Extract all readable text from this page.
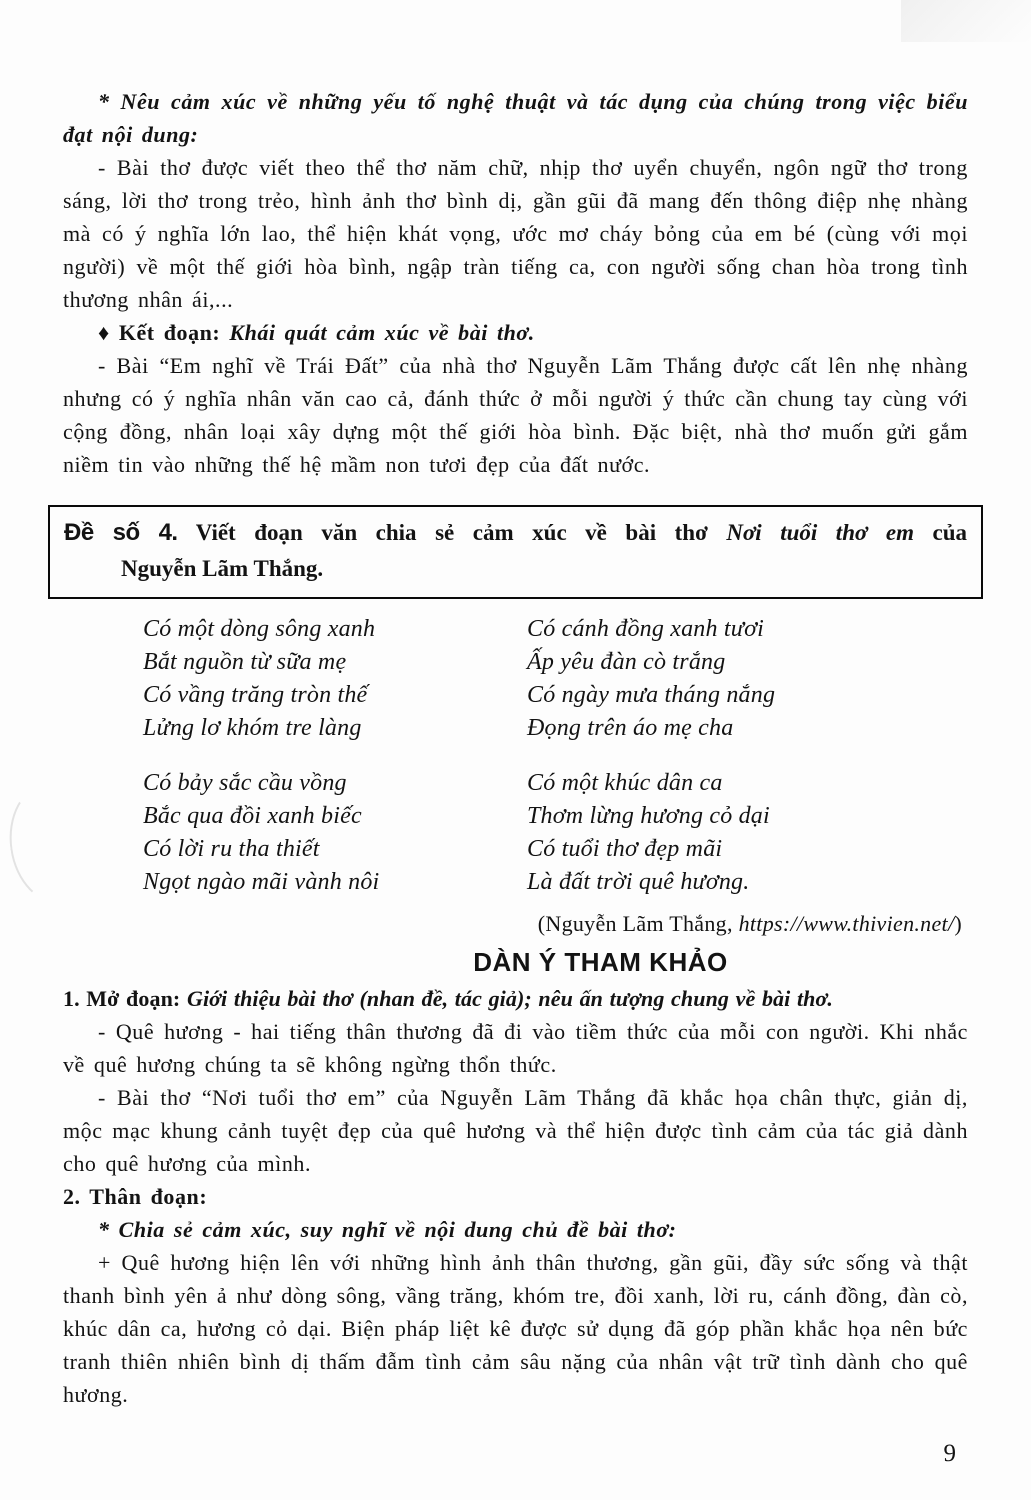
* Nêu cảm xúc về những yếu tố nghệ thuật và tác dụng của chúng trong việc biểu đạt nội dung:

- Bài thơ được viết theo thể thơ năm chữ, nhịp thơ uyển chuyển, ngôn ngữ thơ trong sáng, lời thơ trong trẻo, hình ảnh thơ bình dị, gần gũi đã mang đến thông điệp nhẹ nhàng mà có ý nghĩa lớn lao, thể hiện khát vọng, ước mơ cháy bỏng của em bé (cùng với mọi người) về một thế giới hòa bình, ngập tràn tiếng ca, con người sống chan hòa trong tình thương nhân ái,...

♦ Kết đoạn: Khái quát cảm xúc về bài thơ.

- Bài “Em nghĩ về Trái Đất” của nhà thơ Nguyễn Lãm Thắng được cất lên nhẹ nhàng nhưng có ý nghĩa nhân văn cao cả, đánh thức ở mỗi người ý thức cần chung tay cùng với cộng đồng, nhân loại xây dựng một thế giới hòa bình. Đặc biệt, nhà thơ muốn gửi gắm niềm tin vào những thế hệ mầm non tươi đẹp của đất nước.

Đề số 4. Viết đoạn văn chia sẻ cảm xúc về bài thơ Nơi tuổi thơ em của
Nguyễn Lãm Thắng.
Có một dòng sông xanh
Bắt nguồn từ sữa mẹ
Có vầng trăng tròn thế
Lửng lơ khóm tre làng
Có cánh đồng xanh tươi
Ấp yêu đàn cò trắng
Có ngày mưa tháng nắng
Đọng trên áo mẹ cha
Có bảy sắc cầu vồng
Bắc qua đồi xanh biếc
Có lời ru tha thiết
Ngọt ngào mãi vành nôi
Có một khúc dân ca
Thơm lừng hương cỏ dại
Có tuổi thơ đẹp mãi
Là đất trời quê hương.

(Nguyễn Lãm Thắng, https://www.thivien.net/)

DÀN Ý THAM KHẢO

1. Mở đoạn: Giới thiệu bài thơ (nhan đề, tác giả); nêu ấn tượng chung về bài thơ.

- Quê hương - hai tiếng thân thương đã đi vào tiềm thức của mỗi con người. Khi nhắc về quê hương chúng ta sẽ không ngừng thổn thức.

- Bài thơ “Nơi tuổi thơ em” của Nguyễn Lãm Thắng đã khắc họa chân thực, giản dị, mộc mạc khung cảnh tuyệt đẹp của quê hương và thể hiện được tình cảm của tác giả dành cho quê hương của mình.

2. Thân đoạn:

* Chia sẻ cảm xúc, suy nghĩ về nội dung chủ đề bài thơ:

+ Quê hương hiện lên với những hình ảnh thân thương, gần gũi, đầy sức sống và thật thanh bình yên ả như dòng sông, vầng trăng, khóm tre, đồi xanh, lời ru, cánh đồng, đàn cò, khúc dân ca, hương cỏ dại. Biện pháp liệt kê được sử dụng đã góp phần khắc họa nên bức tranh thiên nhiên bình dị thấm đẫm tình cảm sâu nặng của nhân vật trữ tình dành cho quê hương.

9
